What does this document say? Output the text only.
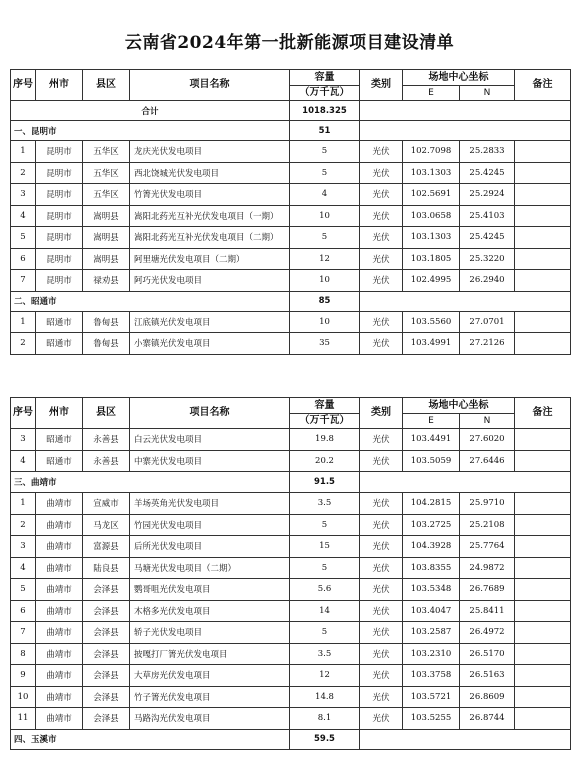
云南省2024年第一批新能源项目建设清单
序号	州市	县区	项目名称	容量	类别	场地中心坐标		备注
				（万千瓦）		E	N	
合计				1018.325				
一、昆明市				51				
1	昆明市	五华区	龙庆光伏发电项目	5	光伏	102.7098	25.2833	
2	昆明市	五华区	西北饶城光伏发电项目	5	光伏	103.1303	25.4245	
3	昆明市	五华区	竹箐光伏发电项目	4	光伏	102.5691	25.2924	
4	昆明市	嵩明县	嵩阳北药光互补光伏发电项目（一期）	10	光伏	103.0658	25.4103	
5	昆明市	嵩明县	嵩阳北药光互补光伏发电项目（二期）	5	光伏	103.1303	25.4245	
6	昆明市	嵩明县	阿里塘光伏发电项目（二期）	12	光伏	103.1805	25.3220	
7	昆明市	禄劝县	阿巧光伏发电项目	10	光伏	102.4995	26.2940	
二、昭通市				85				
1	昭通市	鲁甸县	江底镇光伏发电项目	10	光伏	103.5560	27.0701	
2	昭通市	鲁甸县	小寨镇光伏发电项目	35	光伏	103.4991	27.2126	
序号	州市	县区	项目名称	容量	类别	场地中心坐标		备注
				（万千瓦）		E	N	
3	昭通市	永善县	白云光伏发电项目	19.8	光伏	103.4491	27.6020	
4	昭通市	永善县	中寨光伏发电项目	20.2	光伏	103.5059	27.6446	
三、曲靖市				91.5				
1	曲靖市	宣威市	羊场英角光伏发电项目	3.5	光伏	104.2815	25.9710	
2	曲靖市	马龙区	竹园光伏发电项目	5	光伏	103.2725	25.2108	
3	曲靖市	富源县	后所光伏发电项目	15	光伏	104.3928	25.7764	
4	曲靖市	陆良县	马塘光伏发电项目（二期）	5	光伏	103.8355	24.9872	
5	曲靖市	会泽县	鹦哥咀光伏发电项目	5.6	光伏	103.5348	26.7689	
6	曲靖市	会泽县	木格多光伏发电项目	14	光伏	103.4047	25.8411	
7	曲靖市	会泽县	轿子光伏发电项目	5	光伏	103.2587	26.4972	
8	曲靖市	会泽县	披嘎打厂箐光伏发电项目	3.5	光伏	103.2310	26.5170	
9	曲靖市	会泽县	大草房光伏发电项目	12	光伏	103.3758	26.5163	
10	曲靖市	会泽县	竹子箐光伏发电项目	14.8	光伏	103.5721	26.8609	
11	曲靖市	会泽县	马路沟光伏发电项目	8.1	光伏	103.5255	26.8744	
四、玉溪市				59.5				
